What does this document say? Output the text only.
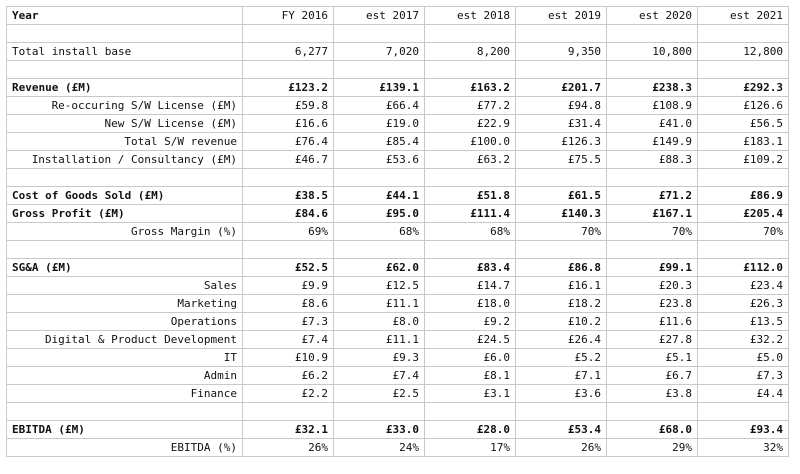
Year	FY 2016	est 2017	est 2018	est 2019	est 2020	est 2021

Total install base	6,277	7,020	8,200	9,350	10,800	12,800

Revenue (£M)	£123.2	£139.1	£163.2	£201.7	£238.3	£292.3
Re-occuring S/W License (£M)	£59.8	£66.4	£77.2	£94.8	£108.9	£126.6
New S/W License (£M)	£16.6	£19.0	£22.9	£31.4	£41.0	£56.5
Total S/W revenue	£76.4	£85.4	£100.0	£126.3	£149.9	£183.1
Installation / Consultancy (£M)	£46.7	£53.6	£63.2	£75.5	£88.3	£109.2

Cost of Goods Sold (£M)	£38.5	£44.1	£51.8	£61.5	£71.2	£86.9
Gross Profit (£M)	£84.6	£95.0	£111.4	£140.3	£167.1	£205.4
Gross Margin (%)	69%	68%	68%	70%	70%	70%

SG&A (£M)	£52.5	£62.0	£83.4	£86.8	£99.1	£112.0
Sales	£9.9	£12.5	£14.7	£16.1	£20.3	£23.4
Marketing	£8.6	£11.1	£18.0	£18.2	£23.8	£26.3
Operations	£7.3	£8.0	£9.2	£10.2	£11.6	£13.5
Digital & Product Development	£7.4	£11.1	£24.5	£26.4	£27.8	£32.2
IT	£10.9	£9.3	£6.0	£5.2	£5.1	£5.0
Admin	£6.2	£7.4	£8.1	£7.1	£6.7	£7.3
Finance	£2.2	£2.5	£3.1	£3.6	£3.8	£4.4

EBITDA (£M)	£32.1	£33.0	£28.0	£53.4	£68.0	£93.4
EBITDA (%)	26%	24%	17%	26%	29%	32%
